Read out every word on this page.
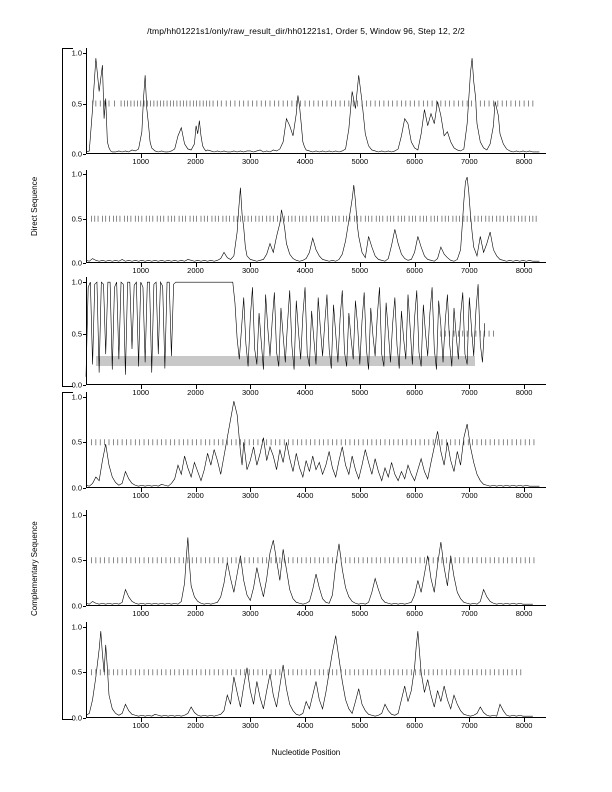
/tmp/hh01221s1/only/raw_result_dir/hh01221s1, Order 5, Window 96, Step 12, 2/2
0.0
0.5
1.0
1000	2000	3000	4000	5000	6000	7000	8000
0.0
0.5
1.0
1000	2000	3000	4000	5000	6000	7000	8000
0.0
0.5
1.0
1000	2000	3000	4000	5000	6000	7000	8000
0.0
0.5
1.0
1000	2000	3000	4000	5000	6000	7000	8000
0.0
0.5
1.0
1000	2000	3000	4000	5000	6000	7000	8000
0.0
0.5
1.0
1000	2000	3000	4000	5000	6000	7000	8000
Nucleotide Position
Direct Sequence
Complementary Sequence
